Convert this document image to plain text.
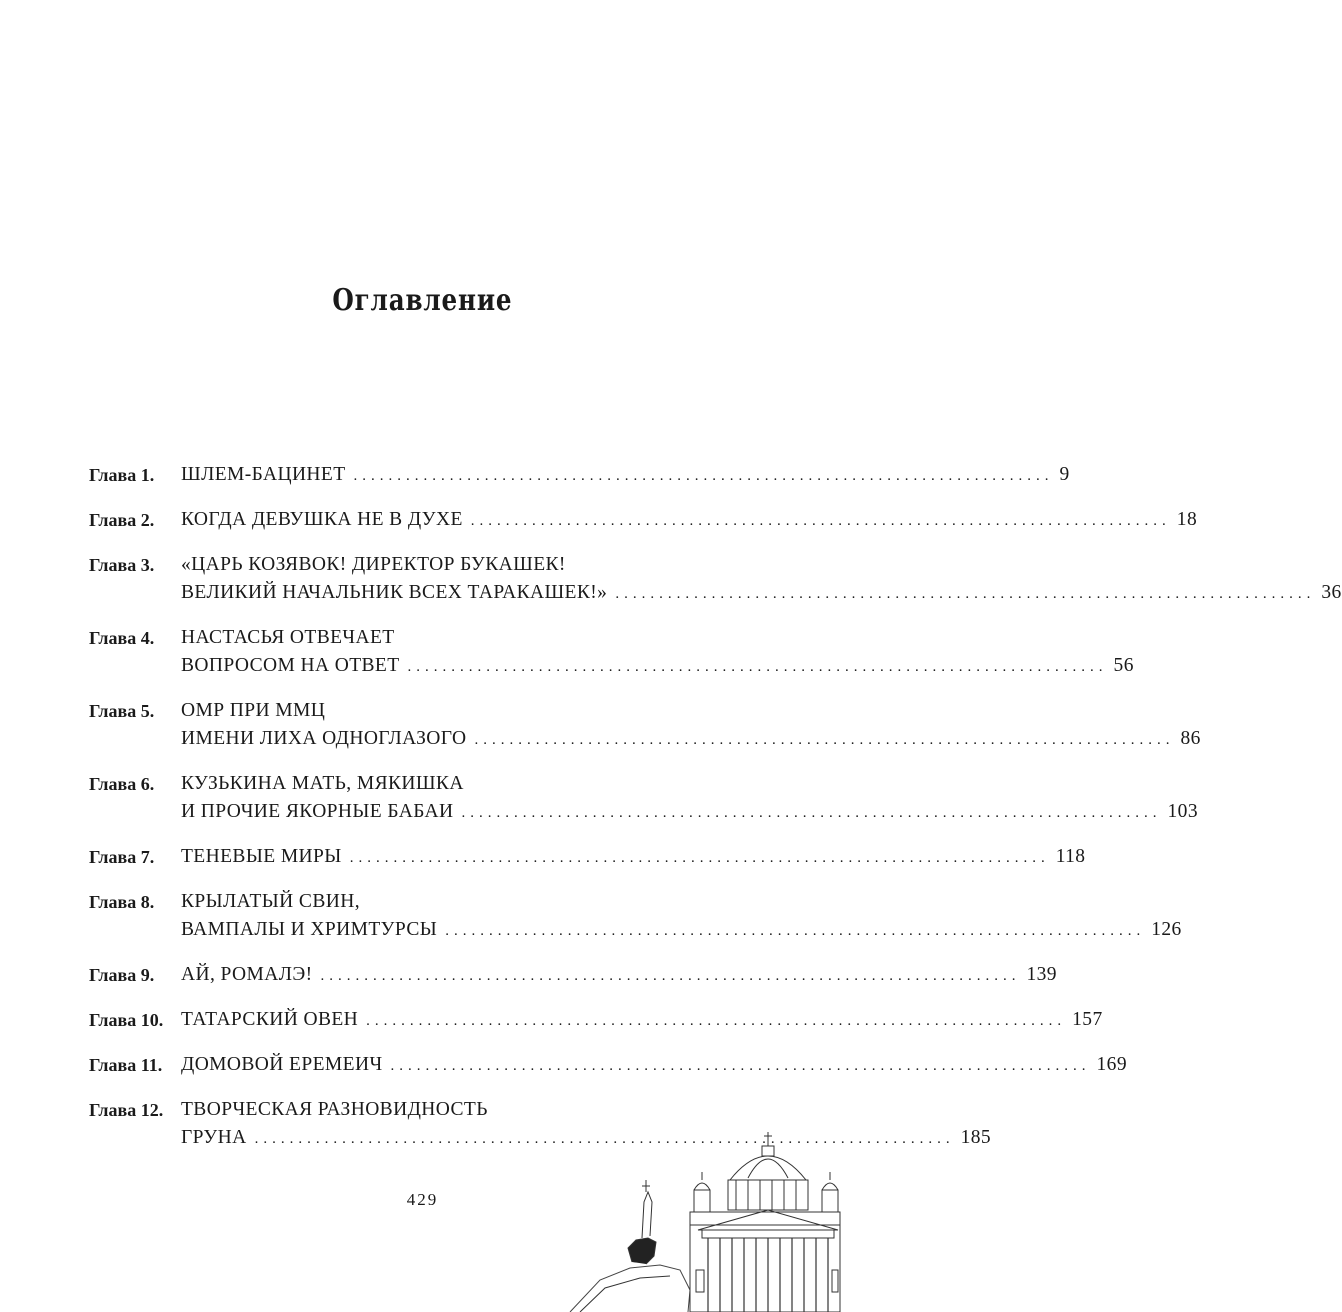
Оглавление
Глава 1.	ШЛЕМ-БАЦИНЕТ ................................................................................ 9
Глава 2.	КОГДА ДЕВУШКА НЕ В ДУХЕ ................................................................................ 18
Глава 3.	«ЦАРЬ КОЗЯВОК! ДИРЕКТОР БУКАШЕК!
ВЕЛИКИЙ НАЧАЛЬНИК ВСЕХ ТАРАКАШЕК!» ................................................................................ 36
Глава 4.	НАСТАСЬЯ ОТВЕЧАЕТ
ВОПРОСОМ НА ОТВЕТ ................................................................................ 56
Глава 5.	ОМР ПРИ ММЦ
ИМЕНИ ЛИХА ОДНОГЛАЗОГО ................................................................................ 86
Глава 6.	КУЗЬКИНА МАТЬ, МЯКИШКА
И ПРОЧИЕ ЯКОРНЫЕ БАБАИ ................................................................................ 103
Глава 7.	ТЕНЕВЫЕ МИРЫ ................................................................................ 118
Глава 8.	КРЫЛАТЫЙ СВИН,
ВАМПАЛЫ И ХРИМТУРСЫ ................................................................................ 126
Глава 9.	АЙ, РОМАЛЭ! ................................................................................ 139
Глава 10. ТАТАРСКИЙ ОВЕН ................................................................................ 157
Глава 11. ДОМОВОЙ ЕРЕМЕИЧ ................................................................................ 169
Глава 12. ТВОРЧЕСКАЯ РАЗНОВИДНОСТЬ
ГРУНА ................................................................................ 185
429
